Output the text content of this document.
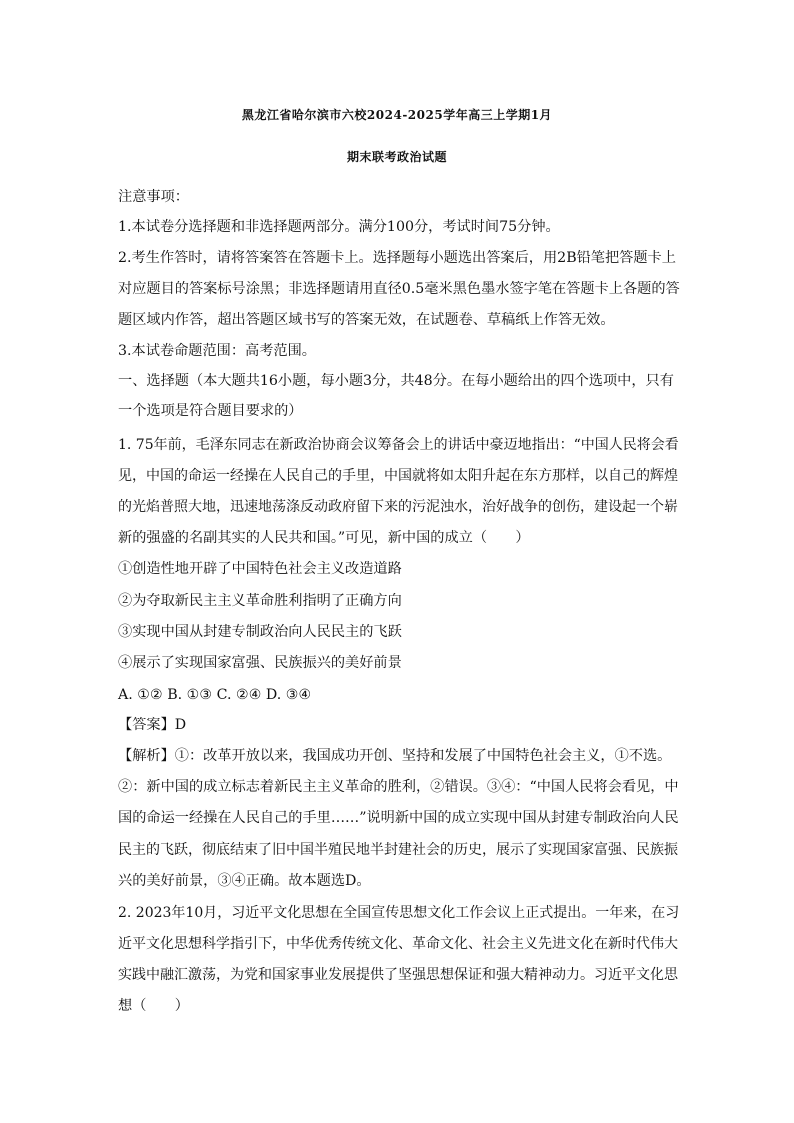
黑龙江省哈尔滨市六校2024-2025学年高三上学期1月
期末联考政治试题
注意事项：
1.本试卷分选择题和非选择题两部分。满分100分，考试时间75分钟。
2.考生作答时，请将答案答在答题卡上。选择题每小题选出答案后，用2B铅笔把答题卡上
对应题目的答案标号涂黑；非选择题请用直径0.5毫米黑色墨水签字笔在答题卡上各题的答
题区域内作答，超出答题区域书写的答案无效，在试题卷、草稿纸上作答无效。
3.本试卷命题范围：高考范围。
一、选择题（本大题共16小题，每小题3分，共48分。在每小题给出的四个选项中，只有
一个选项是符合题目要求的）
1. 75年前，毛泽东同志在新政治协商会议筹备会上的讲话中豪迈地指出：“中国人民将会看
见，中国的命运一经操在人民自己的手里，中国就将如太阳升起在东方那样，以自己的辉煌
的光焰普照大地，迅速地荡涤反动政府留下来的污泥浊水，治好战争的创伤，建设起一个崭
新的强盛的名副其实的人民共和国。”可见，新中国的成立（　　）
①创造性地开辟了中国特色社会主义改造道路
②为夺取新民主主义革命胜利指明了正确方向
③实现中国从封建专制政治向人民民主的飞跃
④展示了实现国家富强、民族振兴的美好前景
A. ①② B. ①③ C. ②④ D. ③④
【答案】D
【解析】①：改革开放以来，我国成功开创、坚持和发展了中国特色社会主义，①不选。
②：新中国的成立标志着新民主主义革命的胜利，②错误。③④：“中国人民将会看见，中
国的命运一经操在人民自己的手里……”说明新中国的成立实现中国从封建专制政治向人民
民主的飞跃，彻底结束了旧中国半殖民地半封建社会的历史，展示了实现国家富强、民族振
兴的美好前景，③④正确。故本题选D。
2. 2023年10月，习近平文化思想在全国宣传思想文化工作会议上正式提出。一年来，在习
近平文化思想科学指引下，中华优秀传统文化、革命文化、社会主义先进文化在新时代伟大
实践中融汇激荡，为党和国家事业发展提供了坚强思想保证和强大精神动力。习近平文化思
想（　　）
